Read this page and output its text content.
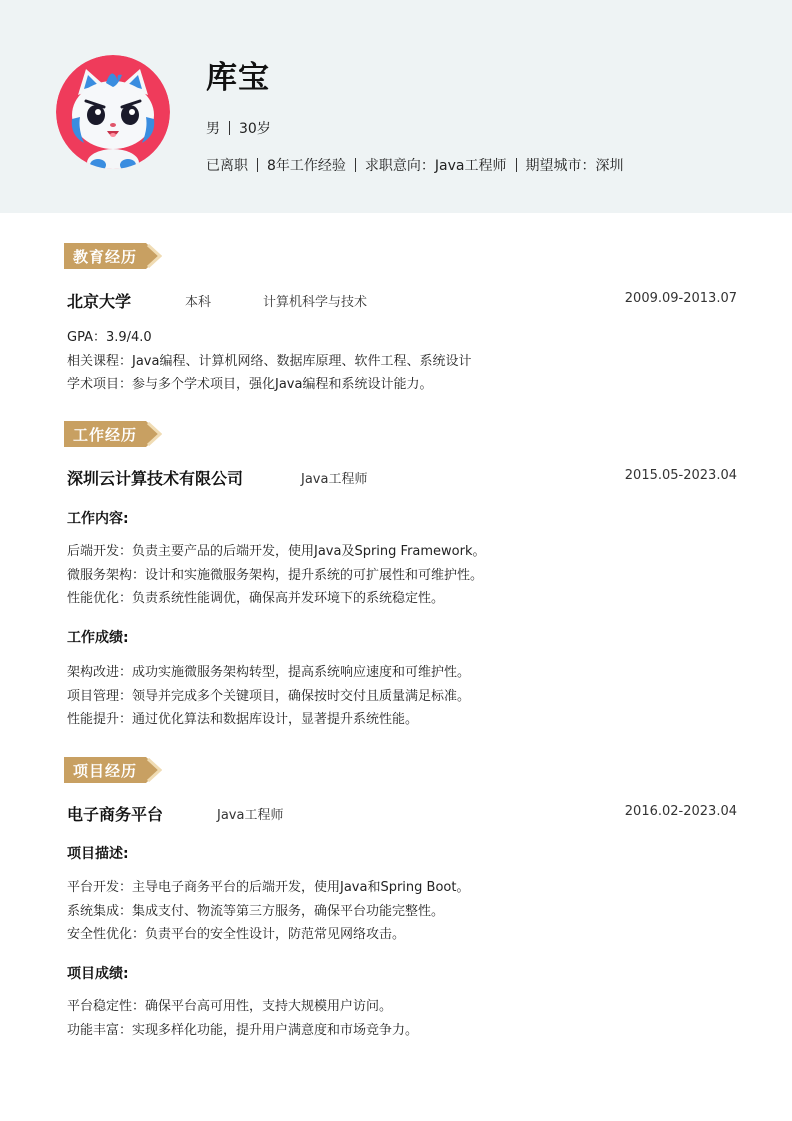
库宝
男 30岁
已离职 8年工作经验 求职意向：Java工程师 期望城市：深圳
教育经历
北京大学	本科	计算机科学与技术	2009.09-2013.07
GPA：3.9/4.0
相关课程：Java编程、计算机网络、数据库原理、软件工程、系统设计
学术项目：参与多个学术项目，强化Java编程和系统设计能力。
工作经历
深圳云计算技术有限公司	Java工程师	2015.05-2023.04
工作内容:
后端开发：负责主要产品的后端开发，使用Java及Spring Framework。
微服务架构：设计和实施微服务架构，提升系统的可扩展性和可维护性。
性能优化：负责系统性能调优，确保高并发环境下的系统稳定性。
工作成绩:
架构改进：成功实施微服务架构转型，提高系统响应速度和可维护性。
项目管理：领导并完成多个关键项目，确保按时交付且质量满足标准。
性能提升：通过优化算法和数据库设计，显著提升系统性能。
项目经历
电子商务平台	Java工程师	2016.02-2023.04
项目描述:
平台开发：主导电子商务平台的后端开发，使用Java和Spring Boot。
系统集成：集成支付、物流等第三方服务，确保平台功能完整性。
安全性优化：负责平台的安全性设计，防范常见网络攻击。
项目成绩:
平台稳定性：确保平台高可用性，支持大规模用户访问。
功能丰富：实现多样化功能，提升用户满意度和市场竞争力。
